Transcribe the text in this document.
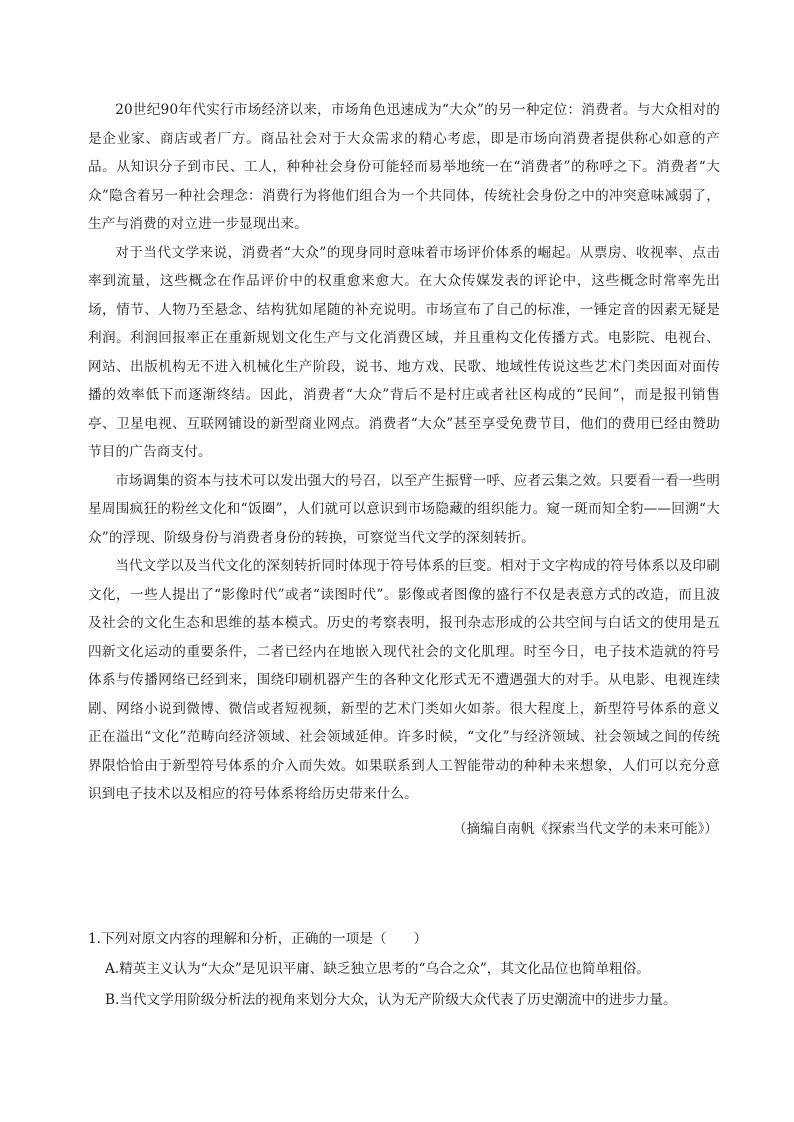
20世纪90年代实行市场经济以来，市场角色迅速成为“大众”的另一种定位：消费者。与大众相对的是企业家、商店或者厂方。商品社会对于大众需求的精心考虑，即是市场向消费者提供称心如意的产品。从知识分子到市民、工人，种种社会身份可能轻而易举地统一在“消费者”的称呼之下。消费者“大众”隐含着另一种社会理念：消费行为将他们组合为一个共同体，传统社会身份之中的冲突意味减弱了，生产与消费的对立进一步显现出来。

对于当代文学来说，消费者“大众”的现身同时意味着市场评价体系的崛起。从票房、收视率、点击率到流量，这些概念在作品评价中的权重愈来愈大。在大众传媒发表的评论中，这些概念时常率先出场，情节、人物乃至悬念、结构犹如尾随的补充说明。市场宣布了自己的标准，一锤定音的因素无疑是利润。利润回报率正在重新规划文化生产与文化消费区域，并且重构文化传播方式。电影院、电视台、网站、出版机构无不进入机械化生产阶段，说书、地方戏、民歌、地域性传说这些艺术门类因面对面传播的效率低下而逐渐终结。因此，消费者“大众”背后不是村庄或者社区构成的“民间”，而是报刊销售亭、卫星电视、互联网铺设的新型商业网点。消费者“大众”甚至享受免费节目，他们的费用已经由赞助节目的广告商支付。

市场调集的资本与技术可以发出强大的号召，以至产生振臂一呼、应者云集之效。只要看一看一些明星周围疯狂的粉丝文化和“饭圈”，人们就可以意识到市场隐藏的组织能力。窥一斑而知全豹——回溯“大众”的浮现、阶级身份与消费者身份的转换，可察觉当代文学的深刻转折。

当代文学以及当代文化的深刻转折同时体现于符号体系的巨变。相对于文字构成的符号体系以及印刷文化，一些人提出了“影像时代”或者“读图时代”。影像或者图像的盛行不仅是表意方式的改造，而且波及社会的文化生态和思维的基本模式。历史的考察表明，报刊杂志形成的公共空间与白话文的使用是五四新文化运动的重要条件，二者已经内在地嵌入现代社会的文化肌理。时至今日，电子技术造就的符号体系与传播网络已经到来，围绕印刷机器产生的各种文化形式无不遭遇强大的对手。从电影、电视连续剧、网络小说到微博、微信或者短视频，新型的艺术门类如火如荼。很大程度上，新型符号体系的意义正在溢出“文化”范畴向经济领域、社会领域延伸。许多时候，“文化”与经济领域、社会领域之间的传统界限恰恰由于新型符号体系的介入而失效。如果联系到人工智能带动的种种未来想象，人们可以充分意识到电子技术以及相应的符号体系将给历史带来什么。

（摘编自南帆《探索当代文学的未来可能》）

1.下列对原文内容的理解和分析，正确的一项是（　　）

A.精英主义认为“大众”是见识平庸、缺乏独立思考的“乌合之众”，其文化品位也简单粗俗。

B.当代文学用阶级分析法的视角来划分大众，认为无产阶级大众代表了历史潮流中的进步力量。
